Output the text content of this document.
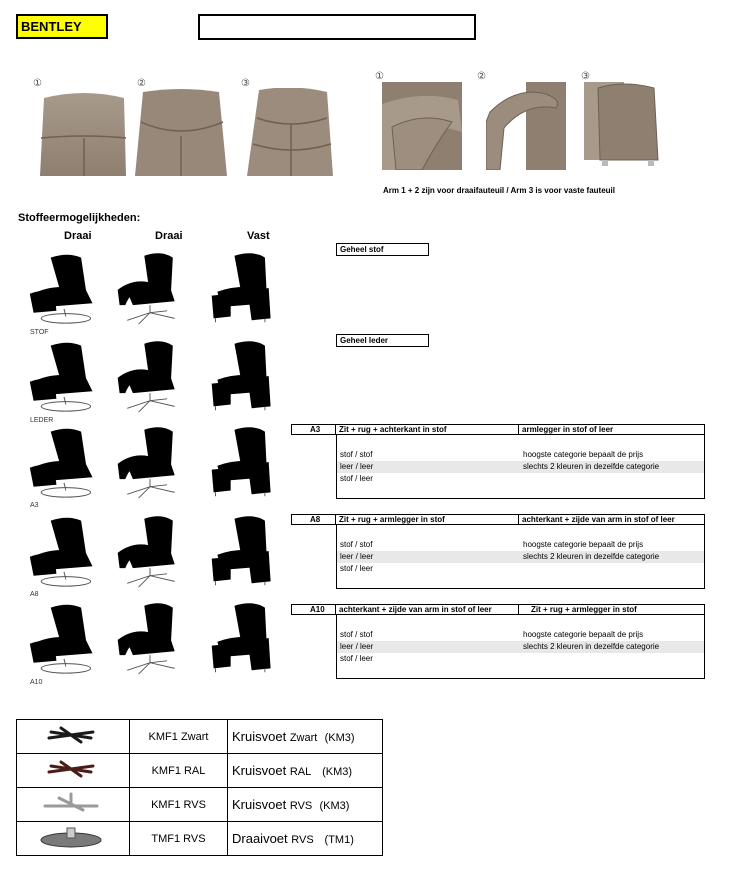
BENTLEY
①	②	③
①	②	③
Arm 1 + 2 zijn voor draaifauteuil / Arm 3 is voor vaste fauteuil
Stoffeermogelijkheden:
Draai	Draai	Vast
STOF
LEDER
A3
A8
A10
Geheel stof
Geheel leder
A3	Zit + rug + achterkant in stof	armlegger in stof of leer
stof / stof	hoogste categorie bepaalt de prijs
leer / leer	slechts 2 kleuren in dezelfde categorie
stof / leer
A8	Zit + rug + armlegger in stof	achterkant + zijde van arm in stof of leer
stof / stof	hoogste categorie bepaalt de prijs
leer / leer	slechts 2 kleuren in dezelfde categorie
stof / leer
A10	achterkant + zijde van arm in stof of leer	Zit + rug + armlegger in stof
stof / stof	hoogste categorie bepaalt de prijs
leer / leer	slechts 2 kleuren in dezelfde categorie
stof / leer
	KMF1 Zwart	Kruisvoet Zwart (KM3)
	KMF1 RAL	Kruisvoet RAL (KM3)
	KMF1 RVS	Kruisvoet RVS (KM3)
	TMF1 RVS	Draaivoet RVS (TM1)
